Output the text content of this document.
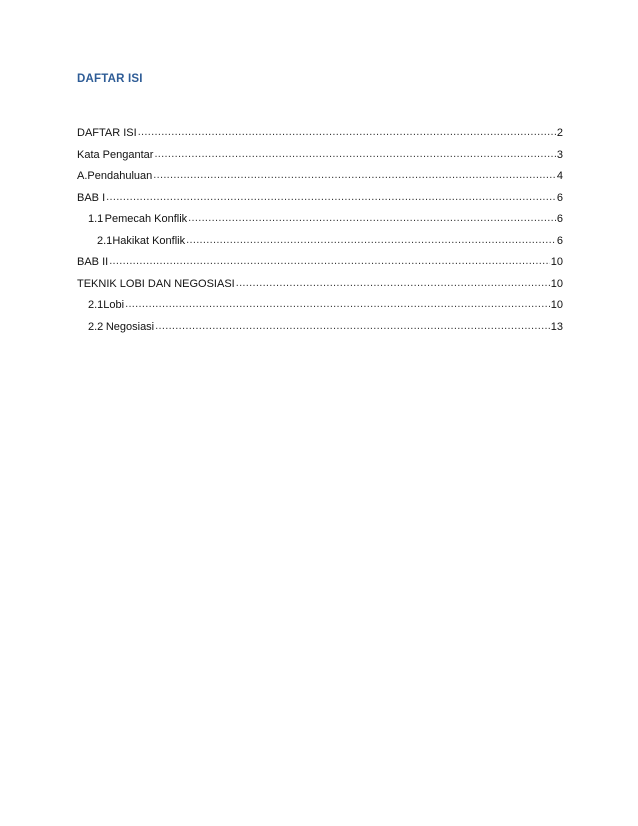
DAFTAR ISI
DAFTAR ISI .....	2
Kata Pengantar .....	3
A. Pendahuluan .....	4
BAB I .....	6
1.1 Pemecah Konflik .....	6
2.1 Hakikat Konflik .....	6
BAB II .....	10
TEKNIK LOBI DAN NEGOSIASI .....	10
2.1 Lobi .....	10
2.2 Negosiasi .....	13
